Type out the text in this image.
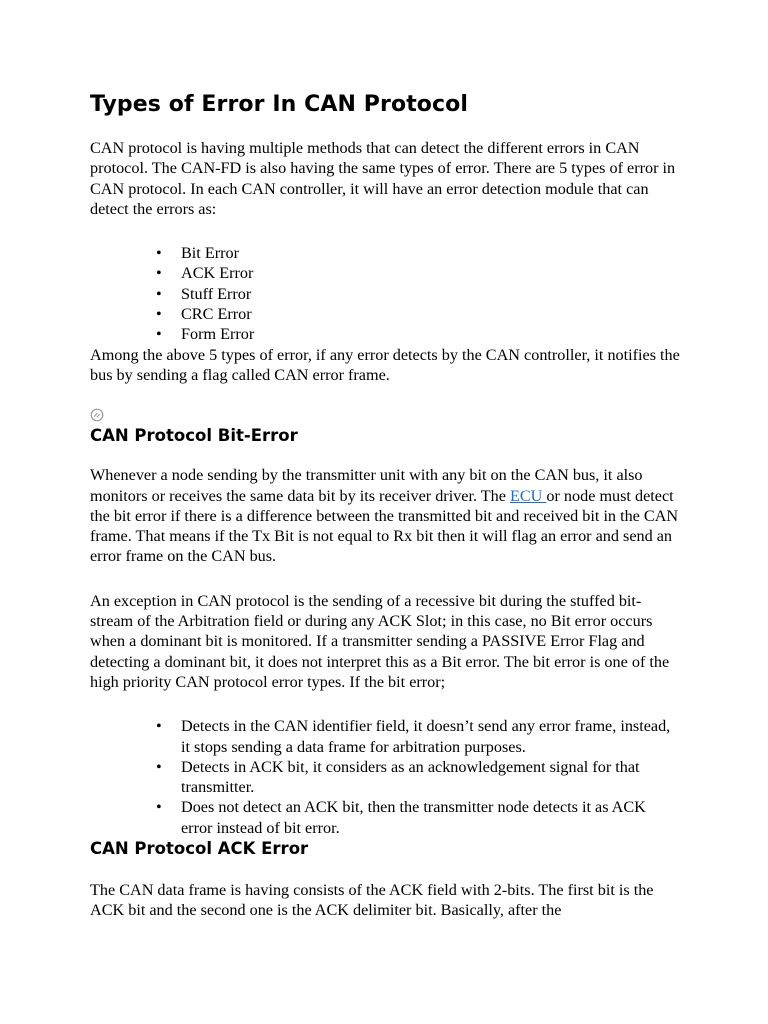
Types of Error In CAN Protocol

CAN protocol is having multiple methods that can detect the different errors in CAN protocol. The CAN-FD is also having the same types of error. There are 5 types of error in CAN protocol. In each CAN controller, it will have an error detection module that can detect the errors as:

• Bit Error
• ACK Error
• Stuff Error
• CRC Error
• Form Error

Among the above 5 types of error, if any error detects by the CAN controller, it notifies the bus by sending a flag called CAN error frame.

CAN Protocol Bit-Error

Whenever a node sending by the transmitter unit with any bit on the CAN bus, it also monitors or receives the same data bit by its receiver driver. The ECU or node must detect the bit error if there is a difference between the transmitted bit and received bit in the CAN frame. That means if the Tx Bit is not equal to Rx bit then it will flag an error and send an error frame on the CAN bus.

An exception in CAN protocol is the sending of a recessive bit during the stuffed bit-stream of the Arbitration field or during any ACK Slot; in this case, no Bit error occurs when a dominant bit is monitored. If a transmitter sending a PASSIVE Error Flag and detecting a dominant bit, it does not interpret this as a Bit error. The bit error is one of the high priority CAN protocol error types. If the bit error;

• Detects in the CAN identifier field, it doesn’t send any error frame, instead, it stops sending a data frame for arbitration purposes.
• Detects in ACK bit, it considers as an acknowledgement signal for that transmitter.
• Does not detect an ACK bit, then the transmitter node detects it as ACK error instead of bit error.
CAN Protocol ACK Error

The CAN data frame is having consists of the ACK field with 2-bits. The first bit is the ACK bit and the second one is the ACK delimiter bit. Basically, after the
